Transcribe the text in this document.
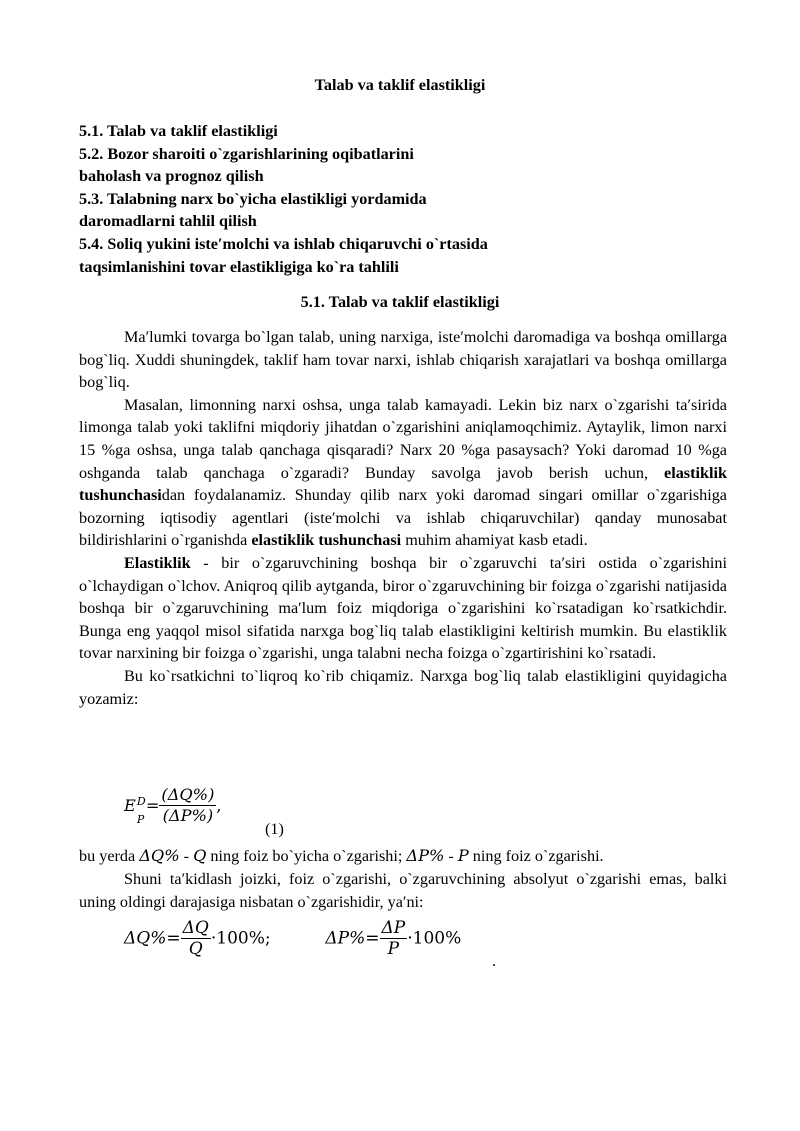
Talab va taklif elastikligi
5.1. Talab va taklif elastikligi
5.2. Bozor sharoiti o`zgarishlarining oqibatlarini
baholash va prognoz qilish
5.3. Talabning narx bo`yicha elastikligi yordamida
daromadlarni tahlil qilish
5.4. Soliq yukini iste′molchi va ishlab chiqaruvchi o`rtasida
taqsimlanishini tovar elastikligiga ko`ra tahlili
5.1. Talab va taklif elastikligi

Ma′lumki tovarga bo`lgan talab, uning narxiga, iste′molchi daromadiga va boshqa omillarga bog`liq. Xuddi shuningdek, taklif ham tovar narxi, ishlab chiqarish xarajatlari va boshqa omillarga bog`liq.

Masalan, limonning narxi oshsa, unga talab kamayadi. Lekin biz narx o`zgarishi ta′sirida limonga talab yoki taklifni miqdoriy jihatdan o`zgarishini aniqlamoqchimiz. Aytaylik, limon narxi 15 %ga oshsa, unga talab qanchaga qisqaradi? Narx 20 %ga pasaysach? Yoki daromad 10 %ga oshganda talab qanchaga o`zgaradi? Bunday savolga javob berish uchun, elastiklik tushunchasidan foydalanamiz. Shunday qilib narx yoki daromad singari omillar o`zgarishiga bozorning iqtisodiy agentlari (iste′molchi va ishlab chiqaruvchilar) qanday munosabat bildirishlarini o`rganishda elastiklik tushunchasi muhim ahamiyat kasb etadi.

Elastiklik - bir o`zgaruvchining boshqa bir o`zgaruvchi ta′siri ostida o`zgarishini o`lchaydigan o`lchov. Aniqroq qilib aytganda, biror o`zgaruvchining bir foizga o`zgarishi natijasida boshqa bir o`zgaruvchining ma′lum foiz miqdoriga o`zgarishini ko`rsatadigan ko`rsatkichdir. Bunga eng yaqqol misol sifatida narxga bog`liq talab elastikligini keltirish mumkin. Bu elastiklik tovar narxining bir foizga o`zgarishi, unga talabni necha foizga o`zgartirishini ko`rsatadi.

Bu ko`rsatkichni to`liqroq ko`rib chiqamiz. Narxga bog`liq talab elastikligini quyidagicha yozamiz:

E D
P
= $\frac{(\Delta Q\%)}{(\Delta P\%)}$ ,
(1)
bu yerda ΔQ% - Q ning foiz bo`yicha o`zgarishi; ΔP% - P ning foiz o`zgarishi.

Shuni ta′kidlash joizki, foiz o`zgarishi, o`zgaruvchining absolyut o`zgarishi emas, balki uning oldingi darajasiga nisbatan o`zgarishidir, ya′ni:

$\Delta Q\%= \frac{\Delta Q}{Q} \cdot 100\%$;	$\Delta P\%= \frac{\Delta P}{P} \cdot 100\%$
.
